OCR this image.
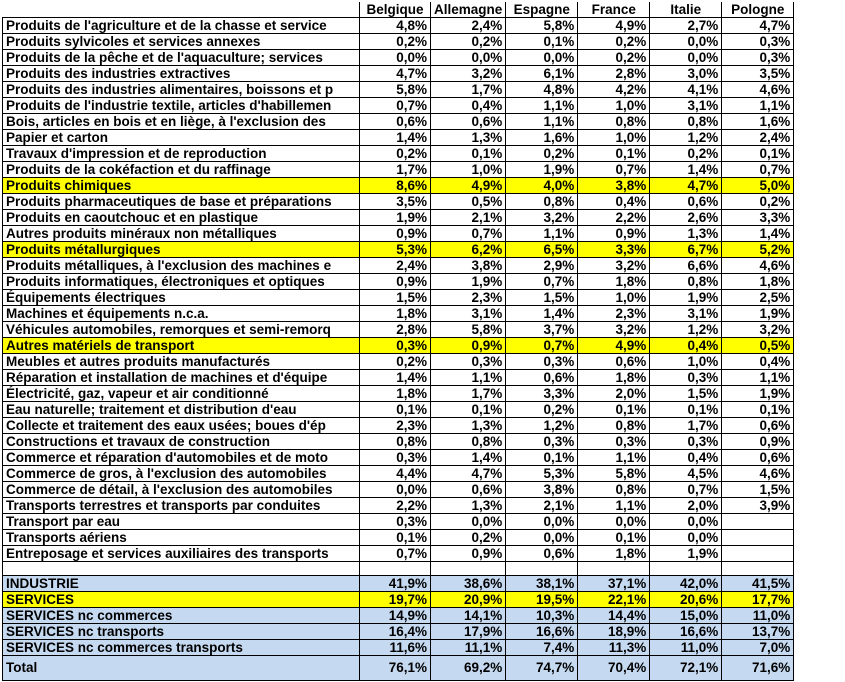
	Belgique	Allemagne	Espagne	France	Italie	Pologne
Produits de l'agriculture et de la chasse et service	4,8%	2,4%	5,8%	4,9%	2,7%	4,7%
Produits sylvicoles et services annexes	0,2%	0,2%	0,1%	0,2%	0,0%	0,3%
Produits de la pêche et de l'aquaculture; services	0,0%	0,0%	0,0%	0,2%	0,0%	0,3%
Produits des industries extractives	4,7%	3,2%	6,1%	2,8%	3,0%	3,5%
Produits des industries alimentaires, boissons et p	5,8%	1,7%	4,8%	4,2%	4,1%	4,6%
Produits de l'industrie textile, articles d'habillemen	0,7%	0,4%	1,1%	1,0%	3,1%	1,1%
Bois, articles en bois et en liège, à l'exclusion des	0,6%	0,6%	1,1%	0,8%	0,8%	1,6%
Papier et carton	1,4%	1,3%	1,6%	1,0%	1,2%	2,4%
Travaux d'impression et de reproduction	0,2%	0,1%	0,2%	0,1%	0,2%	0,1%
Produits de la cokéfaction et du raffinage	1,7%	1,0%	1,9%	0,7%	1,4%	0,7%
Produits chimiques	8,6%	4,9%	4,0%	3,8%	4,7%	5,0%
Produits pharmaceutiques de base et préparations	3,5%	0,5%	0,8%	0,4%	0,6%	0,2%
Produits en caoutchouc et en plastique	1,9%	2,1%	3,2%	2,2%	2,6%	3,3%
Autres produits minéraux non métalliques	0,9%	0,7%	1,1%	0,9%	1,3%	1,4%
Produits métallurgiques	5,3%	6,2%	6,5%	3,3%	6,7%	5,2%
Produits métalliques, à l'exclusion des machines e	2,4%	3,8%	2,9%	3,2%	6,6%	4,6%
Produits informatiques, électroniques et optiques	0,9%	1,9%	0,7%	1,8%	0,8%	1,8%
Équipements électriques	1,5%	2,3%	1,5%	1,0%	1,9%	2,5%
Machines et équipements n.c.a.	1,8%	3,1%	1,4%	2,3%	3,1%	1,9%
Véhicules automobiles, remorques et semi-remorq	2,8%	5,8%	3,7%	3,2%	1,2%	3,2%
Autres matériels de transport	0,3%	0,9%	0,7%	4,9%	0,4%	0,5%
Meubles et autres produits manufacturés	0,2%	0,3%	0,3%	0,6%	1,0%	0,4%
Réparation et installation de machines et d'équipe	1,4%	1,1%	0,6%	1,8%	0,3%	1,1%
Électricité, gaz, vapeur et air conditionné	1,8%	1,7%	3,3%	2,0%	1,5%	1,9%
Eau naturelle; traitement et distribution d'eau	0,1%	0,1%	0,2%	0,1%	0,1%	0,1%
Collecte et traitement des eaux usées; boues d'ép	2,3%	1,3%	1,2%	0,8%	1,7%	0,6%
Constructions et travaux de construction	0,8%	0,8%	0,3%	0,3%	0,3%	0,9%
Commerce et réparation d'automobiles et de moto	0,3%	1,4%	0,1%	1,1%	0,4%	0,6%
Commerce de gros, à l'exclusion des automobiles	4,4%	4,7%	5,3%	5,8%	4,5%	4,6%
Commerce de détail, à l'exclusion des automobiles	0,0%	0,6%	3,8%	0,8%	0,7%	1,5%
Transports terrestres et transports par conduites	2,2%	1,3%	2,1%	1,1%	2,0%	3,9%
Transport par eau	0,3%	0,0%	0,0%	0,0%	0,0%	
Transports aériens	0,1%	0,2%	0,0%	0,1%	0,0%	
Entreposage et services auxiliaires des transports	0,7%	0,9%	0,6%	1,8%	1,9%	

INDUSTRIE	41,9%	38,6%	38,1%	37,1%	42,0%	41,5%
SERVICES	19,7%	20,9%	19,5%	22,1%	20,6%	17,7%
SERVICES nc commerces	14,9%	14,1%	10,3%	14,4%	15,0%	11,0%
SERVICES nc transports	16,4%	17,9%	16,6%	18,9%	16,6%	13,7%
SERVICES nc commerces transports	11,6%	11,1%	7,4%	11,3%	11,0%	7,0%
Total	76,1%	69,2%	74,7%	70,4%	72,1%	71,6%
